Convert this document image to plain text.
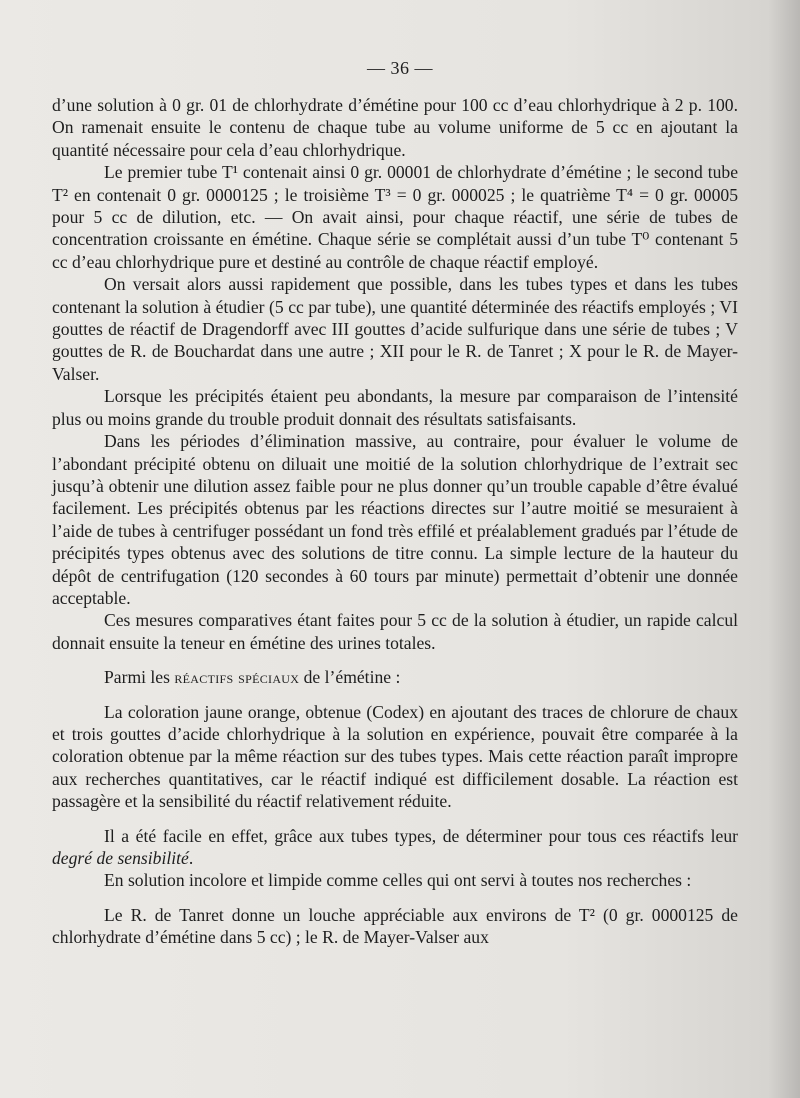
— 36 —

d’une solution à 0 gr. 01 de chlorhydrate d’émétine pour 100 cc d’eau chlorhydrique à 2 p. 100. On ramenait ensuite le contenu de chaque tube au volume uniforme de 5 cc en ajoutant la quantité nécessaire pour cela d’eau chlorhydrique.

Le premier tube T¹ contenait ainsi 0 gr. 00001 de chlorhydrate d’émétine ; le second tube T² en contenait 0 gr. 0000125 ; le troisième T³ = 0 gr. 000025 ; le quatrième T⁴ = 0 gr. 00005 pour 5 cc de dilution, etc. — On avait ainsi, pour chaque réactif, une série de tubes de concentration croissante en émétine. Chaque série se complétait aussi d’un tube T⁰ contenant 5 cc d’eau chlorhydrique pure et destiné au contrôle de chaque réactif employé.

On versait alors aussi rapidement que possible, dans les tubes types et dans les tubes contenant la solution à étudier (5 cc par tube), une quantité déterminée des réactifs employés ; VI gouttes de réactif de Dragendorff avec III gouttes d’acide sulfurique dans une série de tubes ; V gouttes de R. de Bouchardat dans une autre ; XII pour le R. de Tanret ; X pour le R. de Mayer-Valser.

Lorsque les précipités étaient peu abondants, la mesure par comparaison de l’intensité plus ou moins grande du trouble produit donnait des résultats satisfaisants.

Dans les périodes d’élimination massive, au contraire, pour évaluer le volume de l’abondant précipité obtenu on diluait une moitié de la solution chlorhydrique de l’extrait sec jusqu’à obtenir une dilution assez faible pour ne plus donner qu’un trouble capable d’être évalué facilement. Les précipités obtenus par les réactions directes sur l’autre moitié se mesuraient à l’aide de tubes à centrifuger possédant un fond très effilé et préalablement gradués par l’étude de précipités types obtenus avec des solutions de titre connu. La simple lecture de la hauteur du dépôt de centrifugation (120 secondes à 60 tours par minute) permettait d’obtenir une donnée acceptable.

Ces mesures comparatives étant faites pour 5 cc de la solution à étudier, un rapide calcul donnait ensuite la teneur en émétine des urines totales.

Parmi les réactifs spéciaux de l’émétine :

La coloration jaune orange, obtenue (Codex) en ajoutant des traces de chlorure de chaux et trois gouttes d’acide chlorhydrique à la solution en expérience, pouvait être comparée à la coloration obtenue par la même réaction sur des tubes types. Mais cette réaction paraît impropre aux recherches quantitatives, car le réactif indiqué est difficilement dosable. La réaction est passagère et la sensibilité du réactif relativement réduite.

Il a été facile en effet, grâce aux tubes types, de déterminer pour tous ces réactifs leur degré de sensibilité.

En solution incolore et limpide comme celles qui ont servi à toutes nos recherches :

Le R. de Tanret donne un louche appréciable aux environs de T² (0 gr. 0000125 de chlorhydrate d’émétine dans 5 cc) ; le R. de Mayer-Valser aux
